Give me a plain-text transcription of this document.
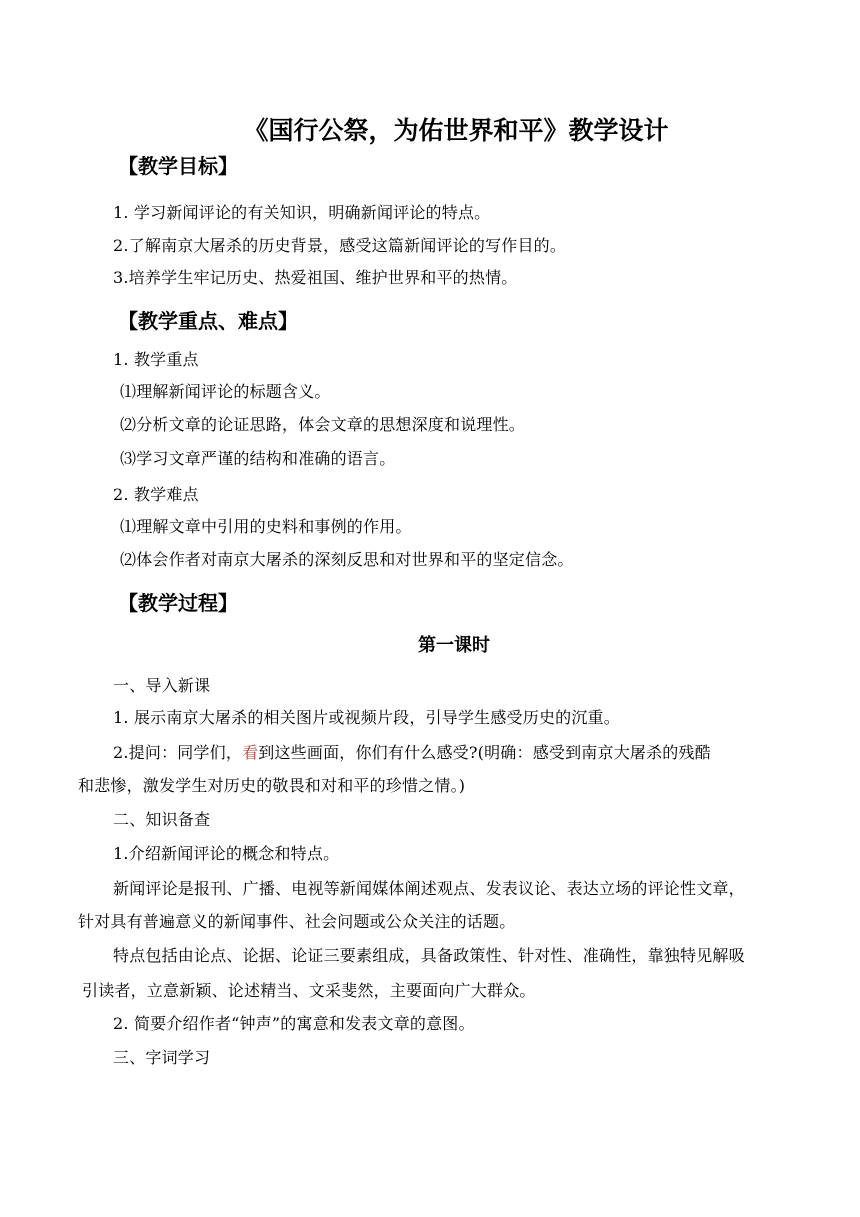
《国行公祭，为佑世界和平》教学设计
【教学目标】
1. 学习新闻评论的有关知识，明确新闻评论的特点。
2.了解南京大屠杀的历史背景，感受这篇新闻评论的写作目的。
3.培养学生牢记历史、热爱祖国、维护世界和平的热情。
【教学重点、难点】
1. 教学重点
⑴理解新闻评论的标题含义。
⑵分析文章的论证思路，体会文章的思想深度和说理性。
⑶学习文章严谨的结构和准确的语言。
2. 教学难点
⑴理解文章中引用的史料和事例的作用。
⑵体会作者对南京大屠杀的深刻反思和对世界和平的坚定信念。
【教学过程】
第一课时
一、导入新课
1. 展示南京大屠杀的相关图片或视频片段，引导学生感受历史的沉重。
2.提问：同学们，看到这些画面，你们有什么感受?(明确：感受到南京大屠杀的残酷
和悲惨，激发学生对历史的敬畏和对和平的珍惜之情。)
二、知识备查
1.介绍新闻评论的概念和特点。
新闻评论是报刊、广播、电视等新闻媒体阐述观点、发表议论、表达立场的评论性文章，
针对具有普遍意义的新闻事件、社会问题或公众关注的话题。
特点包括由论点、论据、论证三要素组成，具备政策性、针对性、准确性，靠独特见解吸
引读者，立意新颖、论述精当、文采斐然，主要面向广大群众。
2. 简要介绍作者“钟声”的寓意和发表文章的意图。
三、字词学习
